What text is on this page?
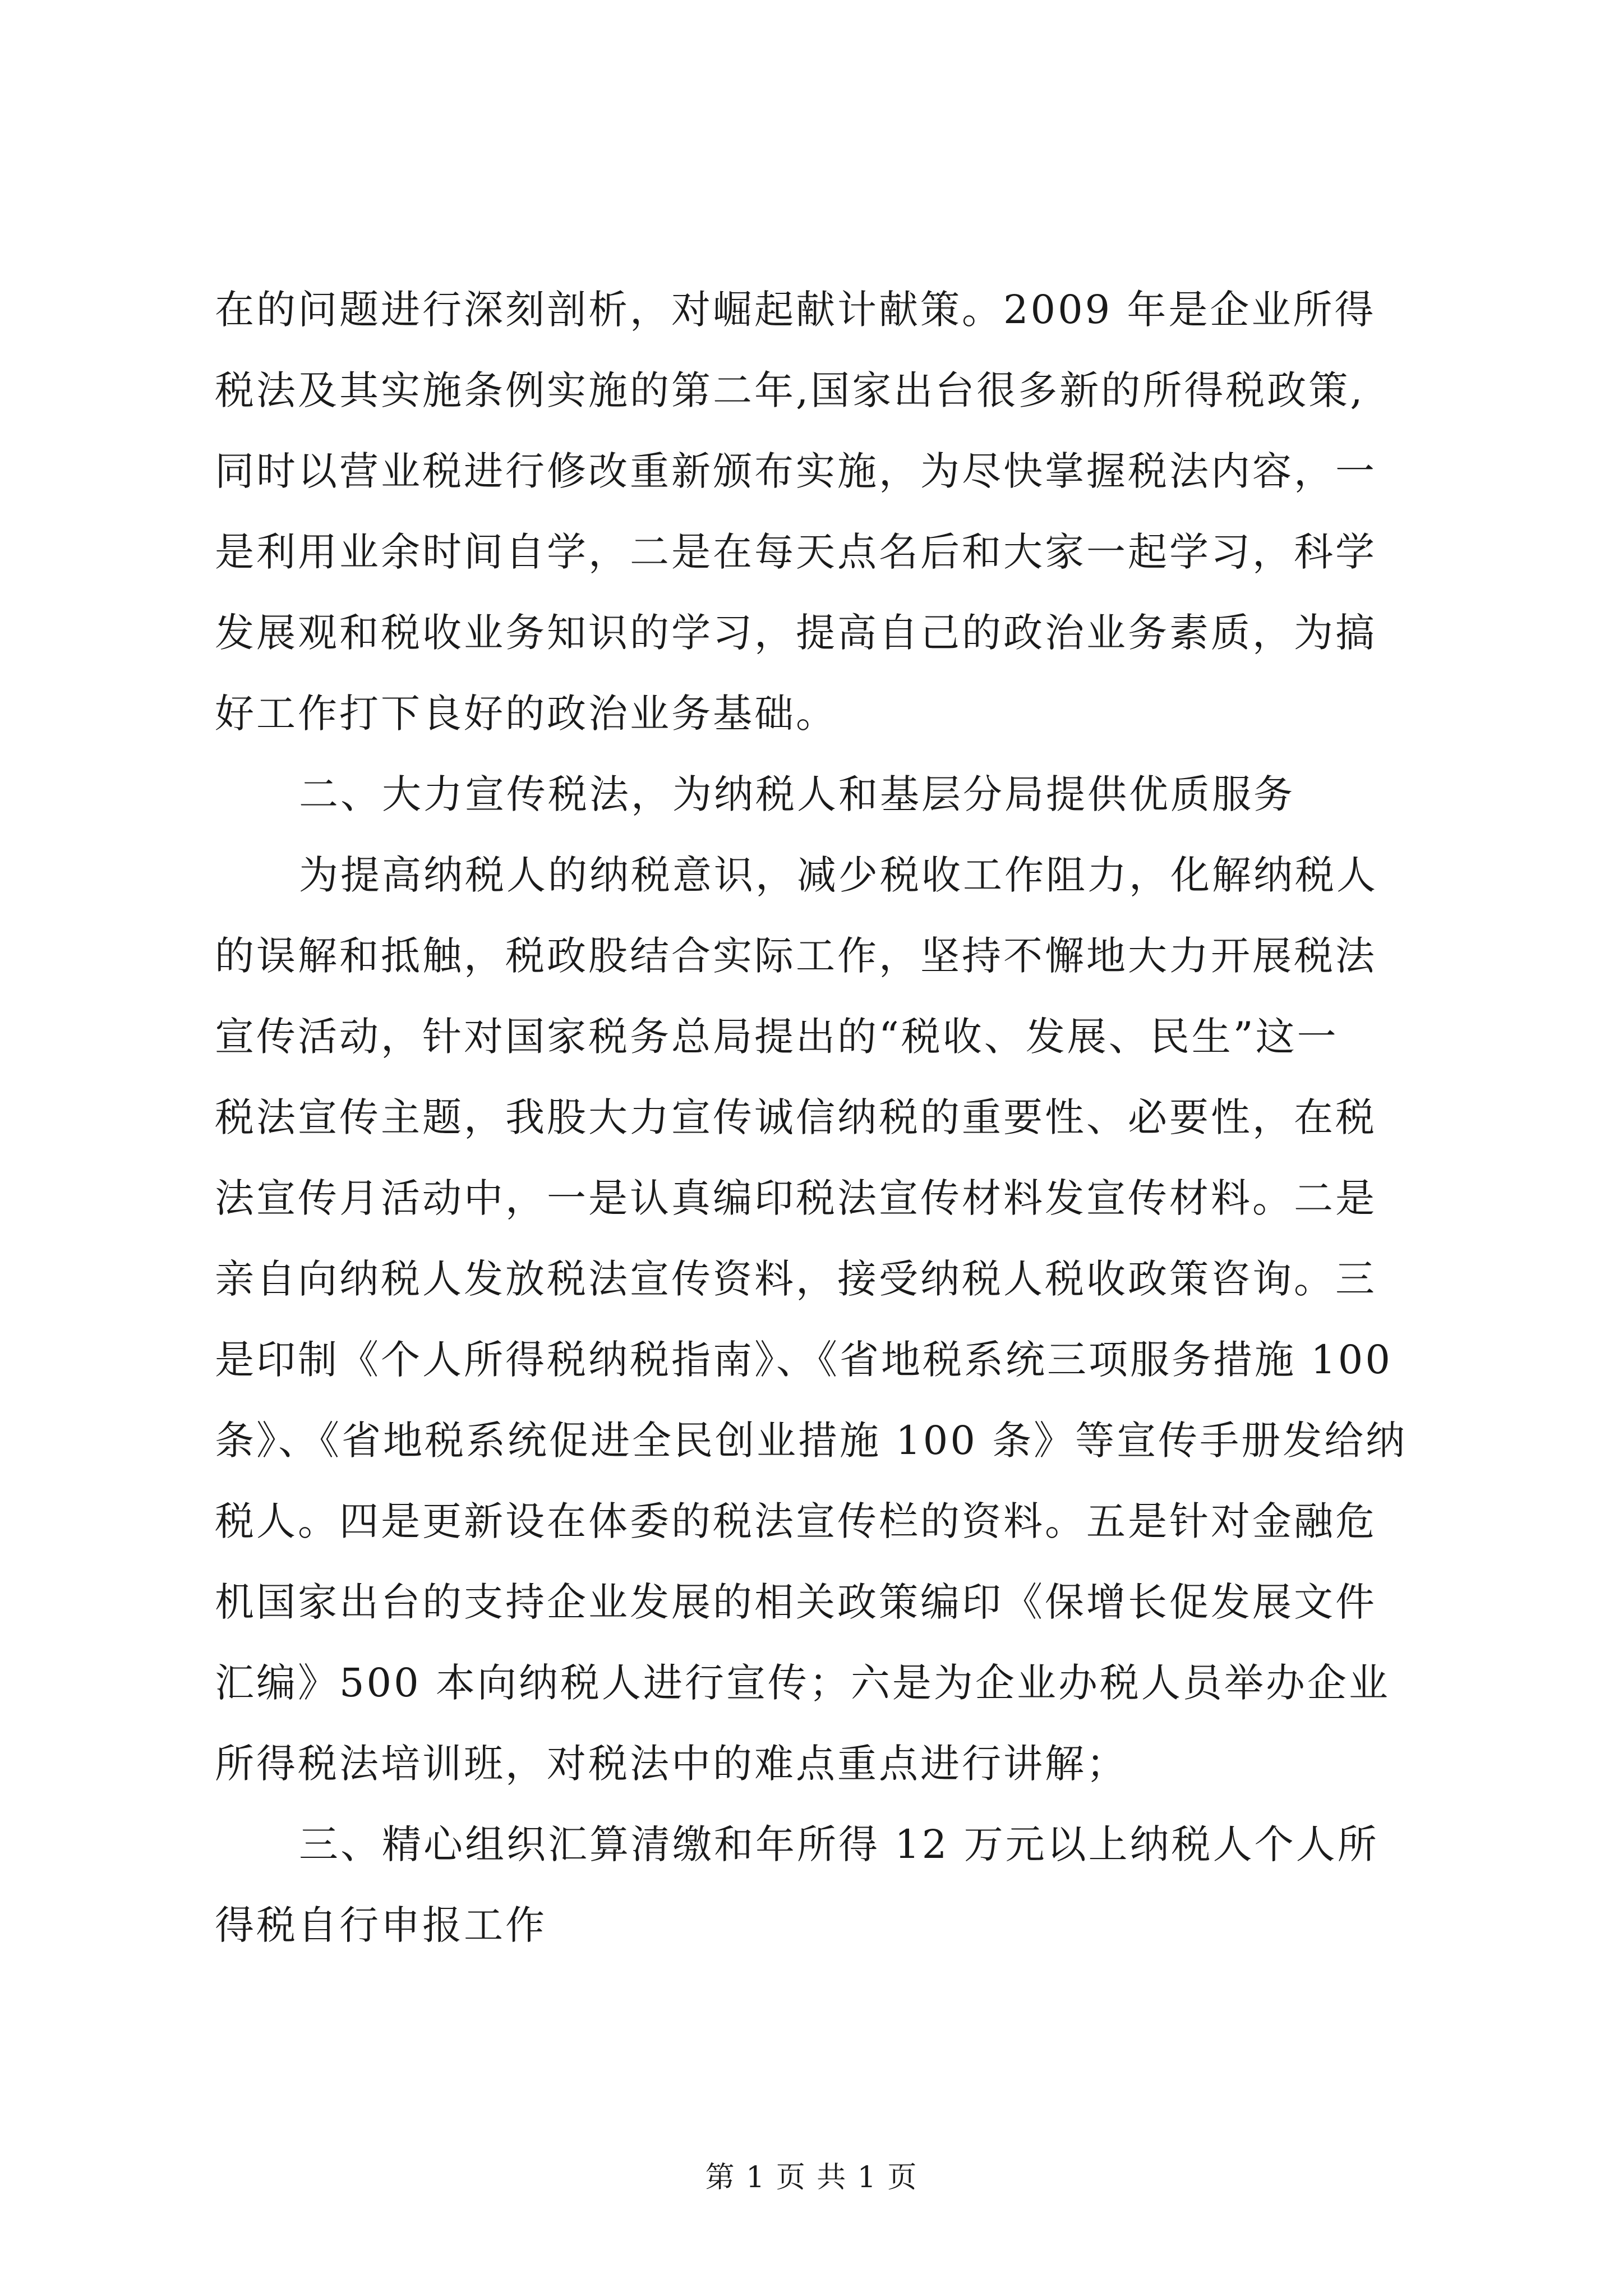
在的问题进行深刻剖析，对崛起献计献策。2009 年是企业所得
税法及其实施条例实施的第二年,国家出台很多新的所得税政策,
同时以营业税进行修改重新颁布实施，为尽快掌握税法内容，一
是利用业余时间自学，二是在每天点名后和大家一起学习，科学
发展观和税收业务知识的学习，提高自己的政治业务素质，为搞
好工作打下良好的政治业务基础。
二、大力宣传税法，为纳税人和基层分局提供优质服务
为提高纳税人的纳税意识，减少税收工作阻力，化解纳税人
的误解和抵触，税政股结合实际工作，坚持不懈地大力开展税法
宣传活动，针对国家税务总局提出的“税收、发展、民生”这一
税法宣传主题，我股大力宣传诚信纳税的重要性、必要性，在税
法宣传月活动中，一是认真编印税法宣传材料发宣传材料。二是
亲自向纳税人发放税法宣传资料，接受纳税人税收政策咨询。三
是印制《个人所得税纳税指南》、《省地税系统三项服务措施 100
条》、《省地税系统促进全民创业措施 100 条》等宣传手册发给纳
税人。四是更新设在体委的税法宣传栏的资料。五是针对金融危
机国家出台的支持企业发展的相关政策编印《保增长促发展文件
汇编》500 本向纳税人进行宣传；六是为企业办税人员举办企业
所得税法培训班，对税法中的难点重点进行讲解；
三、精心组织汇算清缴和年所得 12 万元以上纳税人个人所
得税自行申报工作
第 1 页 共 1 页
